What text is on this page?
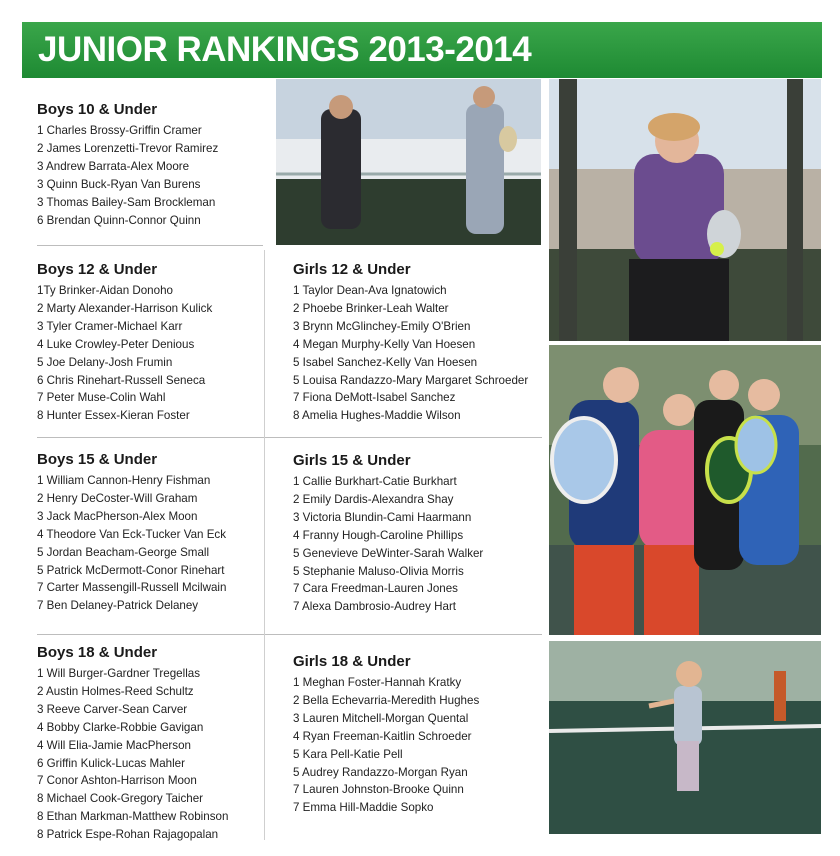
JUNIOR RANKINGS 2013-2014
Boys 10 & Under
1 Charles Brossy-Griffin Cramer
2 James Lorenzetti-Trevor Ramirez
3 Andrew Barrata-Alex Moore
3 Quinn Buck-Ryan Van Burens
3 Thomas Bailey-Sam Brockleman
6 Brendan Quinn-Connor Quinn
Boys 12 & Under
1Ty Brinker-Aidan Donoho
2 Marty Alexander-Harrison Kulick
3 Tyler Cramer-Michael Karr
4 Luke Crowley-Peter Denious
5 Joe Delany-Josh Frumin
6 Chris Rinehart-Russell Seneca
7 Peter Muse-Colin Wahl
8 Hunter Essex-Kieran Foster
Girls 12 & Under
1 Taylor Dean-Ava Ignatowich
2 Phoebe Brinker-Leah Walter
3 Brynn McGlinchey-Emily O'Brien
4 Megan Murphy-Kelly Van Hoesen
5 Isabel Sanchez-Kelly Van Hoesen
5 Louisa Randazzo-Mary Margaret Schroeder
7 Fiona DeMott-Isabel Sanchez
8 Amelia Hughes-Maddie Wilson
Boys 15 & Under
1 William Cannon-Henry Fishman
2 Henry DeCoster-Will Graham
3 Jack MacPherson-Alex Moon
4 Theodore Van Eck-Tucker Van Eck
5 Jordan Beacham-George Small
5 Patrick McDermott-Conor Rinehart
7 Carter Massengill-Russell Mcilwain
7 Ben Delaney-Patrick Delaney
Girls 15 & Under
1 Callie Burkhart-Catie Burkhart
2 Emily Dardis-Alexandra Shay
3 Victoria Blundin-Cami Haarmann
4 Franny Hough-Caroline Phillips
5 Genevieve DeWinter-Sarah Walker
5 Stephanie Maluso-Olivia Morris
7 Cara Freedman-Lauren Jones
7 Alexa Dambrosio-Audrey Hart
Boys 18 & Under
1 Will Burger-Gardner Tregellas
2 Austin Holmes-Reed Schultz
3 Reeve Carver-Sean Carver
4 Bobby Clarke-Robbie Gavigan
4 Will Elia-Jamie MacPherson
6 Griffin Kulick-Lucas Mahler
7 Conor Ashton-Harrison Moon
8 Michael Cook-Gregory Taicher
8 Ethan Markman-Matthew Robinson
8 Patrick Espe-Rohan Rajagopalan
Girls 18 & Under
1 Meghan Foster-Hannah Kratky
2 Bella Echevarria-Meredith Hughes
3 Lauren Mitchell-Morgan Quental
4 Ryan Freeman-Kaitlin Schroeder
5 Kara Pell-Katie Pell
5 Audrey Randazzo-Morgan Ryan
7 Lauren Johnston-Brooke Quinn
7 Emma Hill-Maddie Sopko
